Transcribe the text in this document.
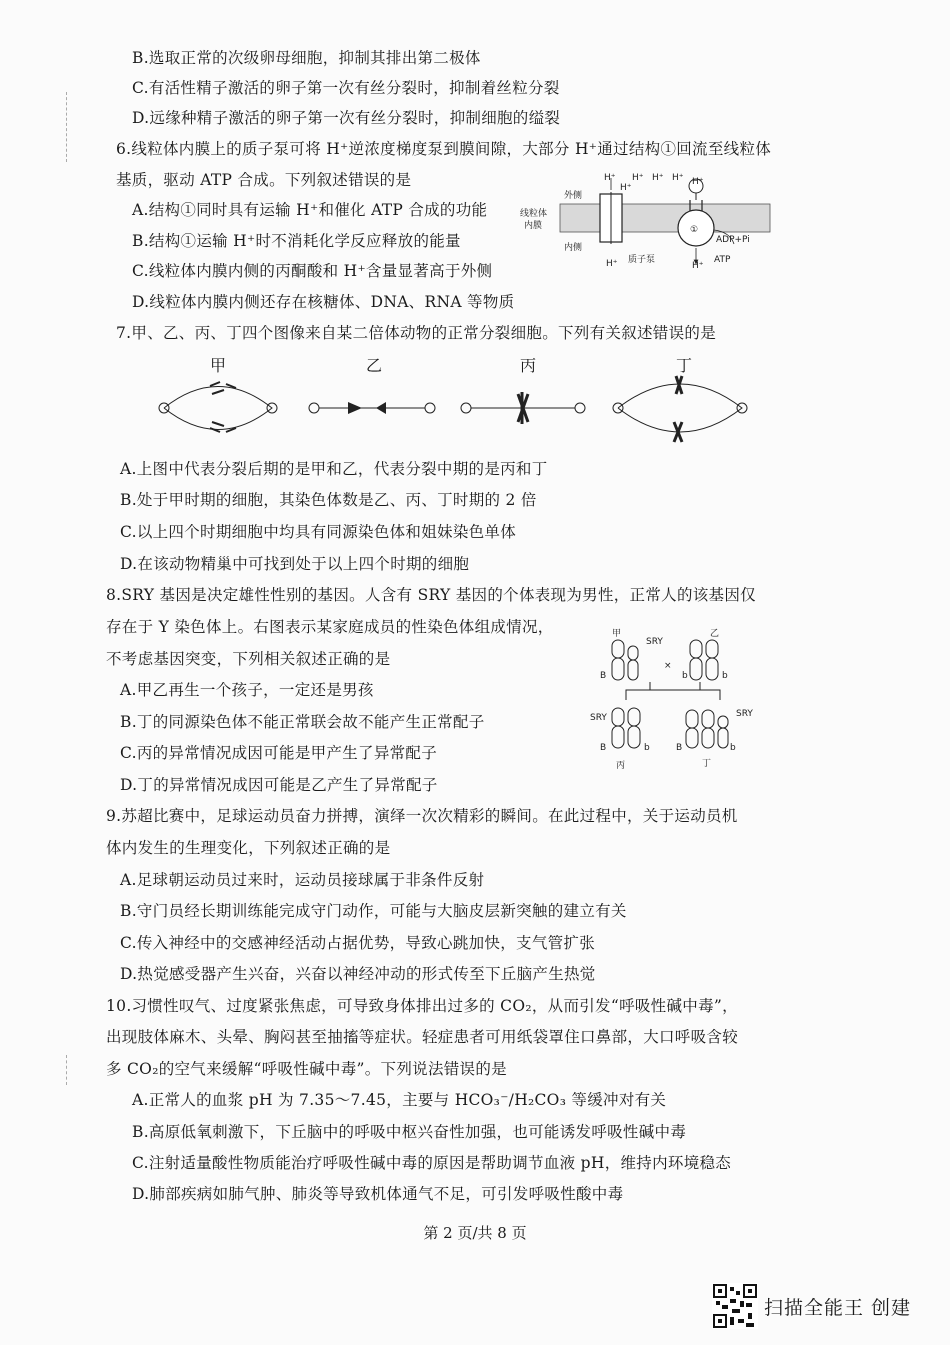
B.选取正常的次级卵母细胞，抑制其排出第二极体
C.有活性精子激活的卵子第一次有丝分裂时，抑制着丝粒分裂
D.远缘种精子激活的卵子第一次有丝分裂时，抑制细胞的缢裂
6.线粒体内膜上的质子泵可将 H⁺逆浓度梯度泵到膜间隙，大部分 H⁺通过结构①回流至线粒体
基质，驱动 ATP 合成。下列叙述错误的是
A.结构①同时具有运输 H⁺和催化 ATP 合成的功能
B.结构①运输 H⁺时不消耗化学反应释放的能量
C.线粒体内膜内侧的丙酮酸和 H⁺含量显著高于外侧
D.线粒体内膜内侧还存在核糖体、DNA、RNA 等物质
H⁺
H⁺
H⁺ H⁺ H⁺ H⁺
外侧
线粒体
内膜
内侧
H⁺ 质子泵
①
ADP+Pi
H⁺
ATP
7.甲、乙、丙、丁四个图像来自某二倍体动物的正常分裂细胞。下列有关叙述错误的是
甲	乙	丙	丁
A.上图中代表分裂后期的是甲和乙，代表分裂中期的是丙和丁
B.处于甲时期的细胞，其染色体数是乙、丙、丁时期的 2 倍
C.以上四个时期细胞中均具有同源染色体和姐妹染色单体
D.在该动物精巢中可找到处于以上四个时期的细胞
8.SRY 基因是决定雄性性别的基因。人含有 SRY 基因的个体表现为男性，正常人的该基因仅
存在于 Y 染色体上。右图表示某家庭成员的性染色体组成情况，
不考虑基因突变，下列相关叙述正确的是
A.甲乙再生一个孩子，一定还是男孩
B.丁的同源染色体不能正常联会故不能产生正常配子
C.丙的异常情况成因可能是甲产生了异常配子
D.丁的异常情况成因可能是乙产生了异常配子
甲
SRY
乙
×
B	b	b
SRY	SRY
B	b	B	b
丙	丁
9.苏超比赛中，足球运动员奋力拼搏，演绎一次次精彩的瞬间。在此过程中，关于运动员机
体内发生的生理变化，下列叙述正确的是
A.足球朝运动员过来时，运动员接球属于非条件反射
B.守门员经长期训练能完成守门动作，可能与大脑皮层新突触的建立有关
C.传入神经中的交感神经活动占据优势，导致心跳加快，支气管扩张
D.热觉感受器产生兴奋，兴奋以神经冲动的形式传至下丘脑产生热觉
10.习惯性叹气、过度紧张焦虑，可导致身体排出过多的 CO₂，从而引发“呼吸性碱中毒”，
出现肢体麻木、头晕、胸闷甚至抽搐等症状。轻症患者可用纸袋罩住口鼻部，大口呼吸含较
多 CO₂的空气来缓解“呼吸性碱中毒”。下列说法错误的是
A.正常人的血浆 pH 为 7.35～7.45，主要与 HCO₃⁻/H₂CO₃ 等缓冲对有关
B.高原低氧刺激下，下丘脑中的呼吸中枢兴奋性加强，也可能诱发呼吸性碱中毒
C.注射适量酸性物质能治疗呼吸性碱中毒的原因是帮助调节血液 pH，维持内环境稳态
D.肺部疾病如肺气肿、肺炎等导致机体通气不足，可引发呼吸性酸中毒
第 2 页/共 8 页
扫描全能王 创建
